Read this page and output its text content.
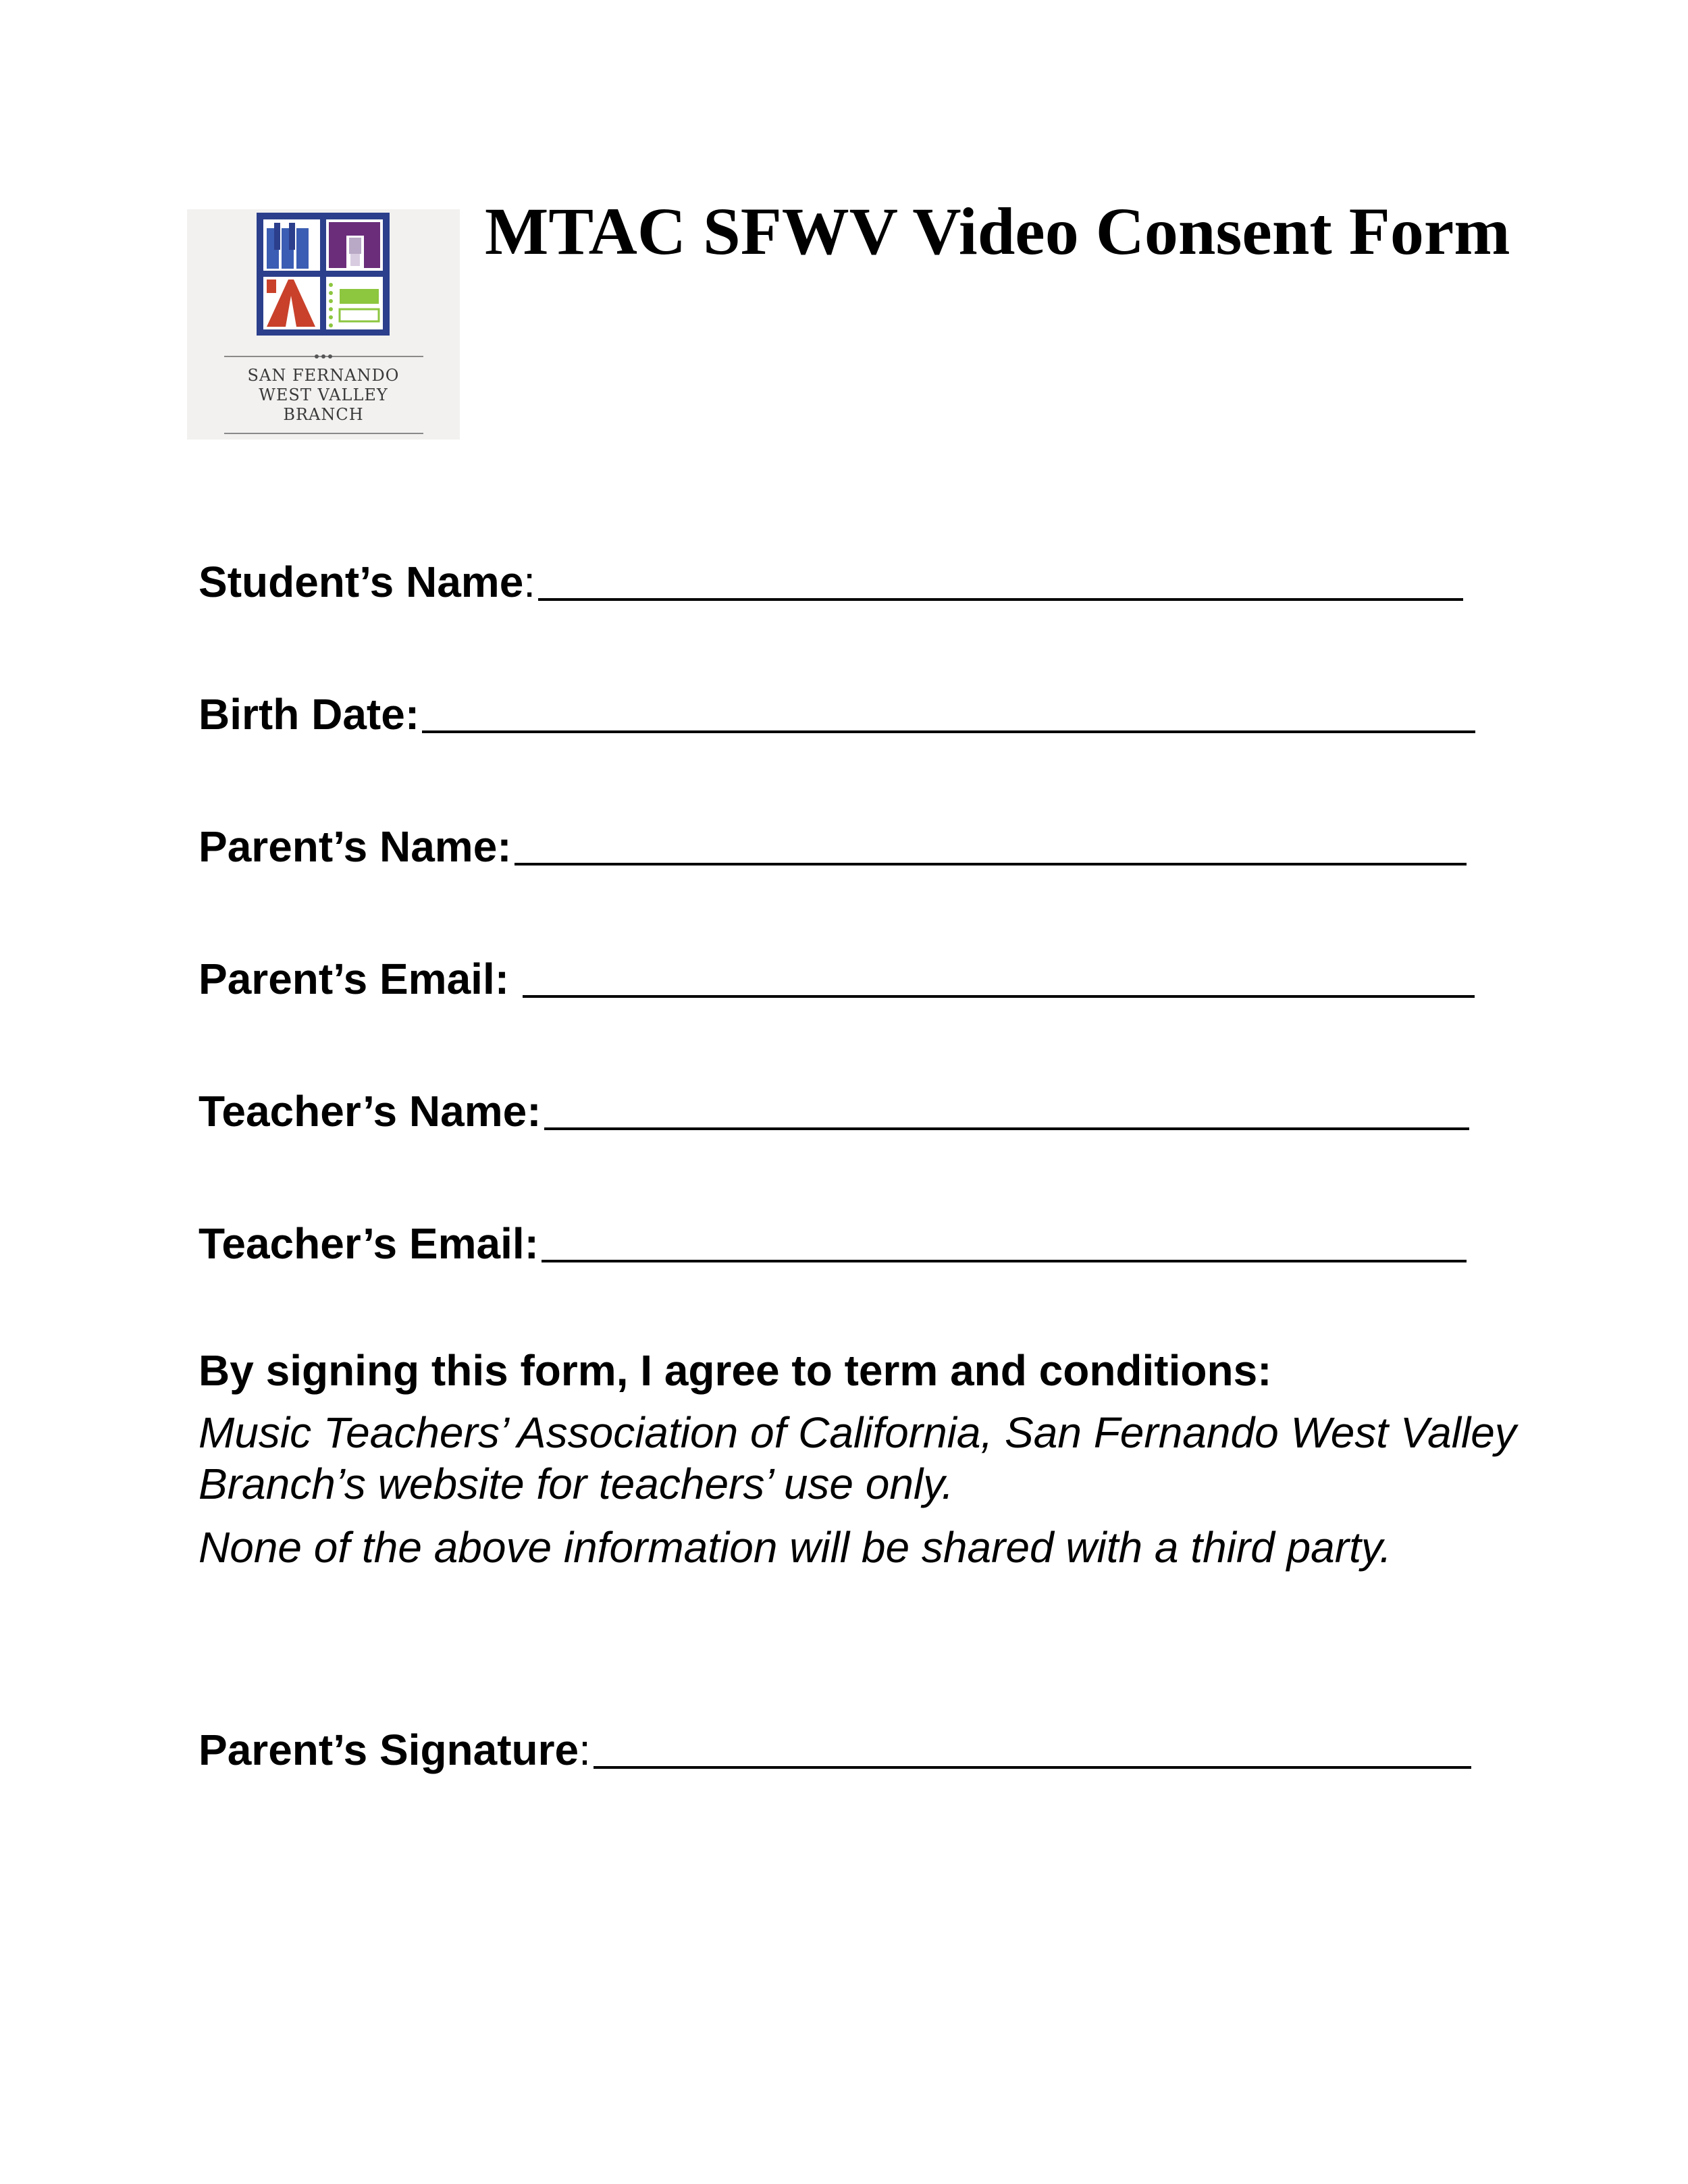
SAN FERNANDO
WEST VALLEY
BRANCH
MTAC SFWV Video Consent Form
Student’s Name :
Birth Date:
Parent’s Name:
Parent’s Email:
Teacher’s Name:
Teacher’s Email:
By signing this form, I agree to term and conditions:

Music Teachers’ Association of California, San Fernando West Valley Branch’s website for teachers’ use only.

None of the above information will be shared with a third party.

Parent’s Signature :
